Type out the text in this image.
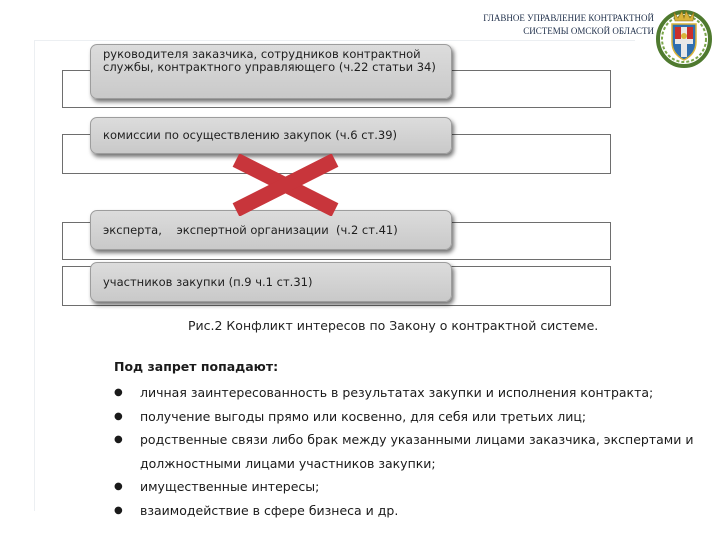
ГЛАВНОЕ УПРАВЛЕНИЕ КОНТРАКТНОЙ
СИСТЕМЫ ОМСКОЙ ОБЛАСТИ
руководителя заказчика, сотрудников контрактной службы, контрактного управляющего (ч.22 статьи 34)
комиссии по осуществлению закупок (ч.6 ст.39)
эксперта,    экспертной организации  (ч.2 ст.41)
участников закупки (п.9 ч.1 ст.31)
Рис.2 Конфликт интересов по Закону о контрактной системе.
Под запрет попадают:
● личная заинтересованность в результатах закупки и исполнения контракта;
● получение выгоды прямо или косвенно, для себя или третьих лиц;
● родственные связи либо брак между указанными лицами заказчика, экспертами и должностными лицами участников закупки;
● имущественные интересы;
● взаимодействие в сфере бизнеса и др.
